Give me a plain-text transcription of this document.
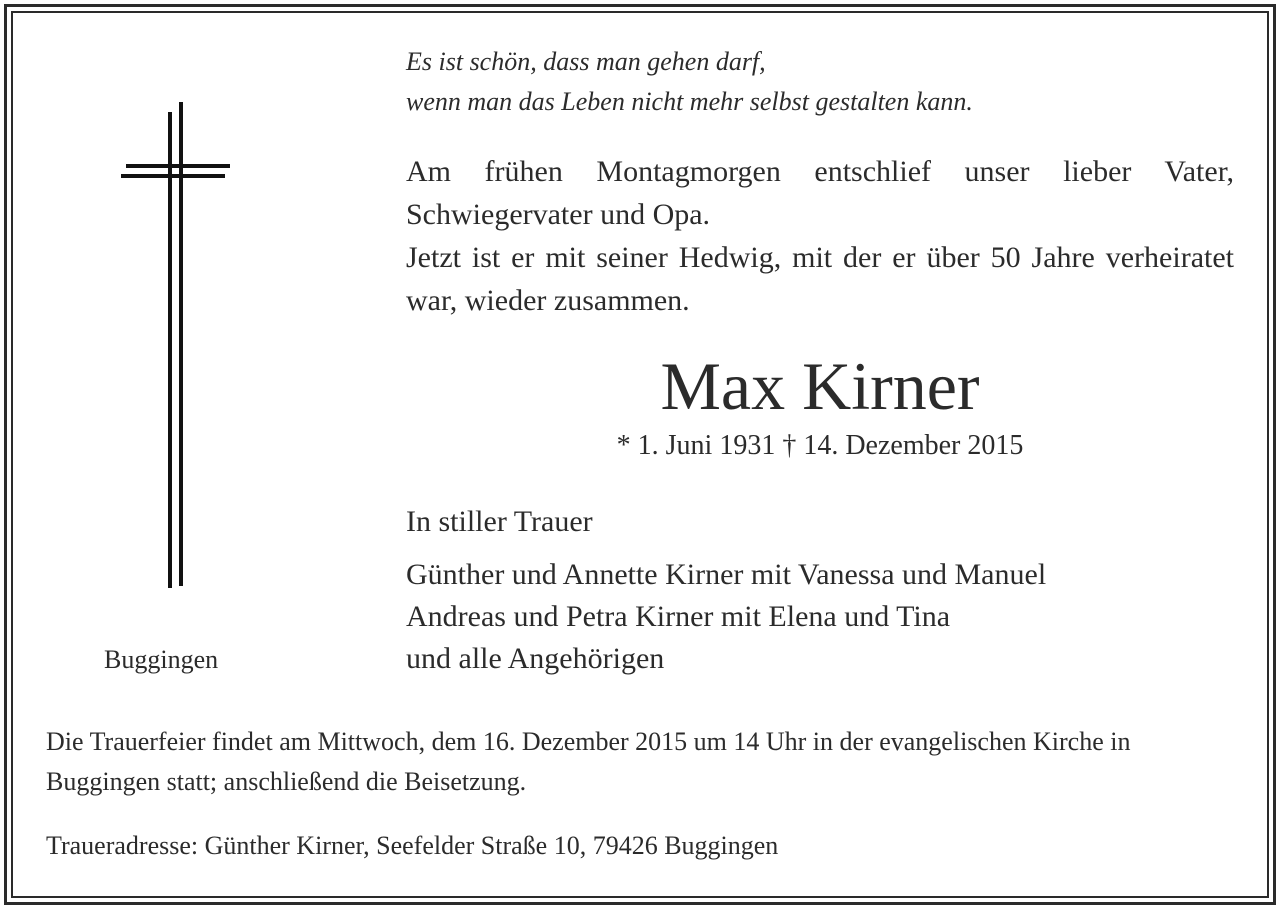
Es ist schön, dass man gehen darf,
wenn man das Leben nicht mehr selbst gestalten kann.

Am frühen Montagmorgen entschlief unser lieber Vater, Schwiegervater und Opa.

Jetzt ist er mit seiner Hedwig, mit der er über 50 Jahre verheiratet war, wieder zusammen.

Max Kirner
* 1. Juni 1931 † 14. Dezember 2015
In stiller Trauer
Günther und Annette Kirner mit Vanessa und Manuel
Andreas und Petra Kirner mit Elena und Tina
und alle Angehörigen
Buggingen
Die Trauerfeier findet am Mittwoch, dem 16. Dezember 2015 um 14 Uhr in der evangelischen Kirche in Buggingen statt; anschließend die Beisetzung.
Traueradresse: Günther Kirner, Seefelder Straße 10, 79426 Buggingen
